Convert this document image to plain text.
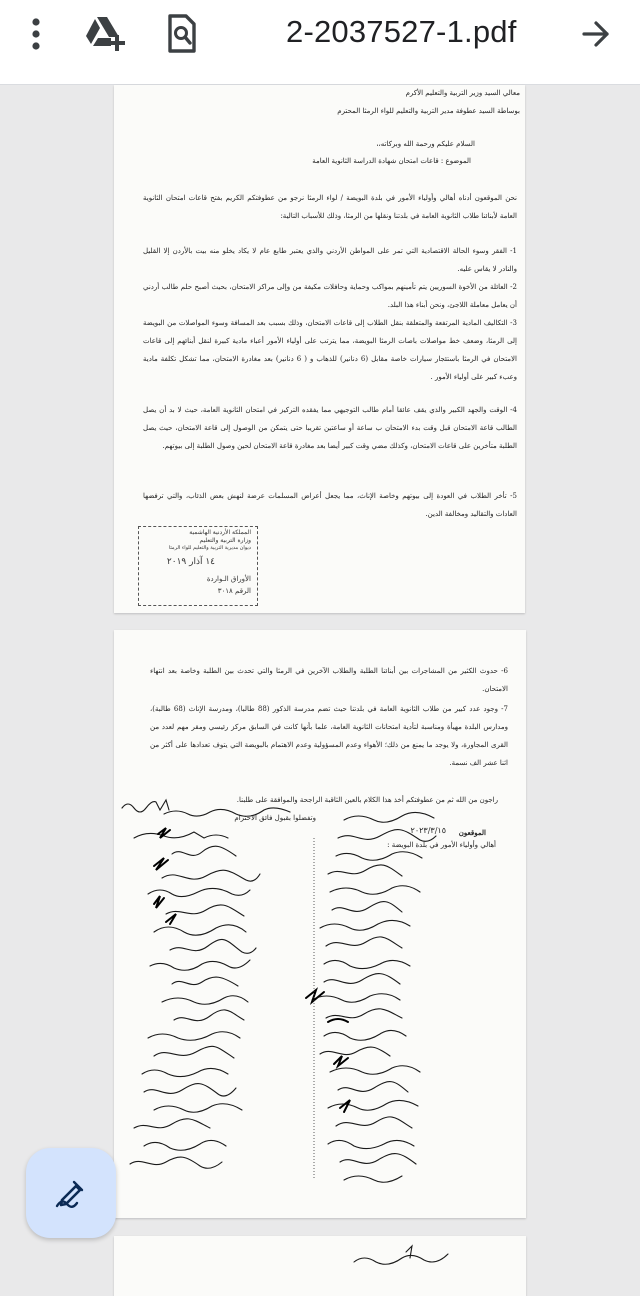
2-2037527-1.pdf
معالي السيد وزير التربية والتعليم الأكرم
بوساطة السيد عطوفة مدير التربية والتعليم للواء الرمثا المحترم
السلام عليكم ورحمة الله وبركاته،،
الموضوع : قاعات امتحان شهادة الدراسة الثانوية العامة
نحن الموقعون أدناه أهالي وأولياء الأمور في بلدة البويضة / لواء الرمثا نرجو من عطوفتكم الكريم بفتح قاعات امتحان الثانوية العامة لأبنائنا طلاب الثانوية العامة في بلدتنا ونقلها من الرمثا، وذلك للأسباب التالية:
1- الفقر وسوء الحالة الاقتصادية التي تمر على المواطن الأردني والذي يعتبر طابع عام لا يكاد يخلو منه بيت بالأردن إلا القليل والنادر لا يقاس عليه.
2- العائلة من الأخوة السوريين يتم تأمينهم بمواكب وحماية وحافلات مكيفة من وإلى مراكز الامتحان، بحيث أصبح حلم طالب أردني أن يعامل معاملة اللاجئ، ونحن أبناء هذا البلد.
3- التكاليف المادية المرتفعة والمتعلقة بنقل الطلاب إلى قاعات الامتحان، وذلك بسبب بعد المسافة وسوء المواصلات من البويضة إلى الرمثا، وضعف خط مواصلات باصات الرمثا البويضة، مما يترتب على أولياء الأمور أعباء مادية كبيرة لنقل أبنائهم إلى قاعات الامتحان في الرمثا باستئجار سيارات خاصة مقابل (6 دنانير) للذهاب و ( 6 دنانير) بعد مغادرة الامتحان، مما تشكل تكلفة مادية وعبء كبير على أولياء الأمور .
4- الوقت والجهد الكبير والذي يقف عائقا أمام طالب التوجيهي مما يفقده التركيز في امتحان الثانوية العامة، حيث لا بد أن يصل الطالب قاعة الامتحان قبل وقت بدء الامتحان ب ساعة أو ساعتين تقريبا حتى يتمكن من الوصول إلى قاعة الامتحان، حيث يصل الطلبة متأخرين على قاعات الامتحان، وكذلك مضي وقت كبير أيضا بعد مغادرة قاعة الامتحان لحين وصول الطلبة إلى بيوتهم.
5- تأخر الطلاب في العودة إلى بيوتهم وخاصة الإناث، مما يجعل أعراض المسلمات عرضة لنهش بعض الذئاب، والتي ترفضها العادات والتقاليد ومخالفة الدين.
المملكة الأردنية الهاشمية
وزارة التربية والتعليم
ديوان مديرية التربية والتعليم للواء الرمثا
١٤ آذار ٢٠١٩
الأوراق الـواردة
الرقم ٣٠١٨
6- حدوث الكثير من المشاجرات بين أبنائنا الطلبة والطلاب الآخرين في الرمثا والتي تحدث بين الطلبة وخاصة بعد انتهاء الامتحان.
7- وجود عدد كبير من طلاب الثانوية العامة في بلدتنا حيث تضم مدرسة الذكور (88 طالبا)، ومدرسة الإناث (68 طالبة)، ومدارس البلدة مهيأة ومناسبة لتأدية امتحانات الثانوية العامة، علما بأنها كانت في السابق مركز رئيسي ومقر مهم لعدد من القرى المجاورة، ولا يوجد ما يمنع من ذلك؛ الأهواء وعدم المسؤولية وعدم الاهتمام بالبويضة التي يتوف تعدادها على أكثر من اثنا عشر الف نسمة.
راجون من الله ثم من عطوفتكم أخذ هذا الكلام بالعين الثاقبة الراجحة والموافقة على طلبنا.
وتفضلوا بقبول فائق الاحترام
الموقعون
٢٠٢٣/٣/١٥
أهالي وأولياء الأمور في بلدة البويضة :
